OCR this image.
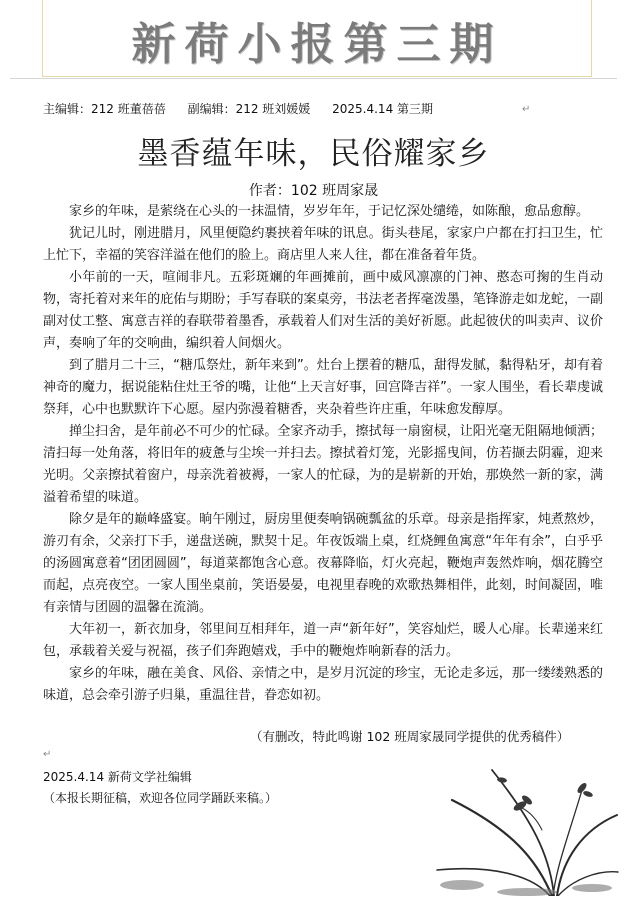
新荷小报第三期
主编辑：212 班董蓓蓓 副编辑：212 班刘媛媛 2025.4.14 第三期	↵
墨香蕴年味，民俗耀家乡
作者：102 班周家晟

家乡的年味，是萦绕在心头的一抹温情，岁岁年年，于记忆深处缱绻，如陈酿，愈品愈醇。

犹记儿时，刚进腊月，风里便隐约裹挟着年味的讯息。街头巷尾，家家户户都在打扫卫生，忙上忙下，幸福的笑容洋溢在他们的脸上。商店里人来人往，都在准备着年货。

小年前的一天，喧闹非凡。五彩斑斓的年画摊前，画中威风凛凛的门神、憨态可掬的生肖动物，寄托着对来年的庇佑与期盼；手写春联的案桌旁，书法老者挥毫泼墨，笔锋游走如龙蛇，一副副对仗工整、寓意吉祥的春联带着墨香，承载着人们对生活的美好祈愿。此起彼伏的叫卖声、议价声，奏响了年的交响曲，编织着人间烟火。

到了腊月二十三，“糖瓜祭灶，新年来到”。灶台上摆着的糖瓜，甜得发腻，黏得粘牙，却有着神奇的魔力，据说能粘住灶王爷的嘴，让他“上天言好事，回宫降吉祥”。一家人围坐，看长辈虔诚祭拜，心中也默默许下心愿。屋内弥漫着糖香，夹杂着些许庄重，年味愈发醇厚。

掸尘扫舍，是年前必不可少的忙碌。全家齐动手，擦拭每一扇窗棂，让阳光毫无阻隔地倾洒；清扫每一处角落，将旧年的疲惫与尘埃一并扫去。擦拭着灯笼，光影摇曳间，仿若撷去阴霾，迎来光明。父亲擦拭着窗户，母亲洗着被褥，一家人的忙碌，为的是崭新的开始，那焕然一新的家，满溢着希望的味道。

除夕是年的巅峰盛宴。晌午刚过，厨房里便奏响锅碗瓢盆的乐章。母亲是指挥家，炖煮熬炒，游刃有余，父亲打下手，递盘送碗，默契十足。年夜饭端上桌，红烧鲤鱼寓意“年年有余”，白乎乎的汤圆寓意着“团团圆圆”，每道菜都饱含心意。夜幕降临，灯火亮起，鞭炮声轰然炸响，烟花腾空而起，点亮夜空。一家人围坐桌前，笑语晏晏，电视里春晚的欢歌热舞相伴，此刻，时间凝固，唯有亲情与团圆的温馨在流淌。

大年初一，新衣加身，邻里间互相拜年，道一声“新年好”，笑容灿烂，暖人心扉。长辈递来红包，承载着关爱与祝福，孩子们奔跑嬉戏，手中的鞭炮炸响新春的活力。

家乡的年味，融在美食、风俗、亲情之中，是岁月沉淀的珍宝，无论走多远，那一缕缕熟悉的味道，总会牵引游子归巢，重温往昔，眷恋如初。

（有删改，特此鸣谢 102 班周家晟同学提供的优秀稿件）
↵
2025.4.14 新荷文学社编辑
（本报长期征稿，欢迎各位同学踊跃来稿。）
